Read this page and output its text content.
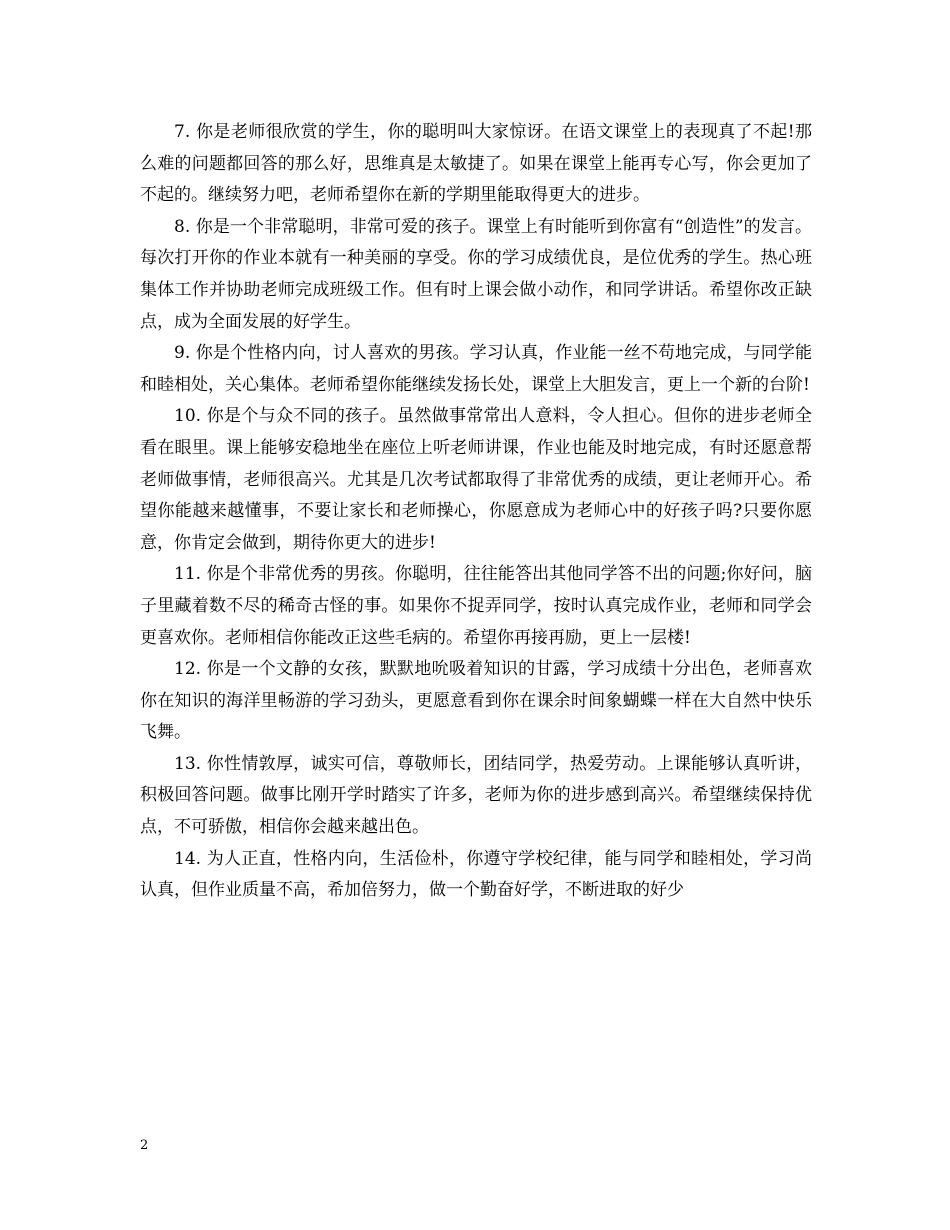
7. 你是老师很欣赏的学生，你的聪明叫大家惊讶。在语文课堂上的表现真了不起!那么难的问题都回答的那么好，思维真是太敏捷了。如果在课堂上能再专心写，你会更加了不起的。继续努力吧，老师希望你在新的学期里能取得更大的进步。

8. 你是一个非常聪明，非常可爱的孩子。课堂上有时能听到你富有“创造性”的发言。每次打开你的作业本就有一种美丽的享受。你的学习成绩优良，是位优秀的学生。热心班集体工作并协助老师完成班级工作。但有时上课会做小动作，和同学讲话。希望你改正缺点，成为全面发展的好学生。

9. 你是个性格内向，讨人喜欢的男孩。学习认真，作业能一丝不苟地完成，与同学能和睦相处，关心集体。老师希望你能继续发扬长处，课堂上大胆发言，更上一个新的台阶!

10. 你是个与众不同的孩子。虽然做事常常出人意料，令人担心。但你的进步老师全看在眼里。课上能够安稳地坐在座位上听老师讲课，作业也能及时地完成，有时还愿意帮老师做事情，老师很高兴。尤其是几次考试都取得了非常优秀的成绩，更让老师开心。希望你能越来越懂事，不要让家长和老师操心，你愿意成为老师心中的好孩子吗?只要你愿意，你肯定会做到，期待你更大的进步!

11. 你是个非常优秀的男孩。你聪明，往往能答出其他同学答不出的问题;你好问，脑子里藏着数不尽的稀奇古怪的事。如果你不捉弄同学，按时认真完成作业，老师和同学会更喜欢你。老师相信你能改正这些毛病的。希望你再接再励，更上一层楼!

12. 你是一个文静的女孩，默默地吮吸着知识的甘露，学习成绩十分出色，老师喜欢你在知识的海洋里畅游的学习劲头，更愿意看到你在课余时间象蝴蝶一样在大自然中快乐飞舞。

13. 你性情敦厚，诚实可信，尊敬师长，团结同学，热爱劳动。上课能够认真听讲，积极回答问题。做事比刚开学时踏实了许多，老师为你的进步感到高兴。希望继续保持优点，不可骄傲，相信你会越来越出色。

14. 为人正直，性格内向，生活俭朴，你遵守学校纪律，能与同学和睦相处，学习尚认真，但作业质量不高，希加倍努力，做一个勤奋好学，不断进取的好少

2
